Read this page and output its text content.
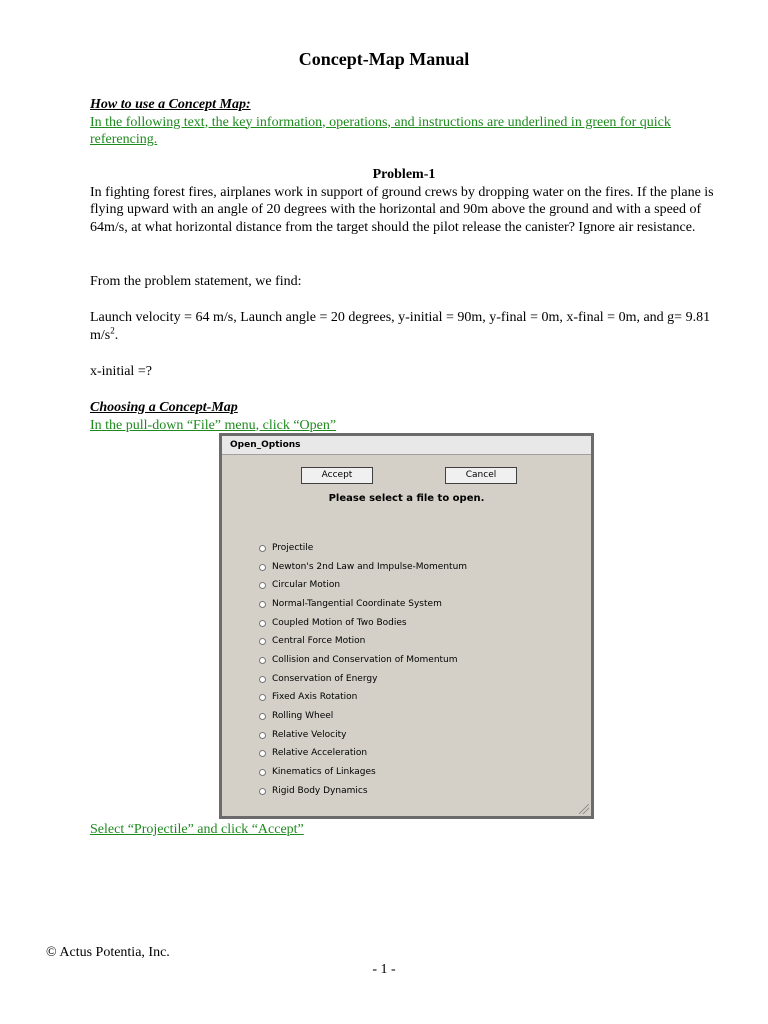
Concept-Map Manual

How to use a Concept Map:

In the following text, the key information, operations, and instructions are underlined in green for quick referencing.

Problem-1

In fighting forest fires, airplanes work in support of ground crews by dropping water on the fires. If the plane is flying upward with an angle of 20 degrees with the horizontal and 90m above the ground and with a speed of 64m/s, at what horizontal distance from the target should the pilot release the canister? Ignore air resistance.

From the problem statement, we find:

Launch velocity = 64 m/s, Launch angle = 20 degrees, y-initial = 90m, y-final = 0m, x-final = 0m, and g= 9.81 $m/s^2$.

x-initial =?

Choosing a Concept-Map

In the pull-down “File” menu, click “Open”

Open_Options
Accept	Cancel
Please select a file to open.
Projectile
Newton's 2nd Law and Impulse-Momentum
Circular Motion
Normal-Tangential Coordinate System
Coupled Motion of Two Bodies
Central Force Motion
Collision and Conservation of Momentum
Conservation of Energy
Fixed Axis Rotation
Rolling Wheel
Relative Velocity
Relative Acceleration
Kinematics of Linkages
Rigid Body Dynamics

Select “Projectile” and click “Accept”

© Actus Potentia, Inc.
- 1 -
